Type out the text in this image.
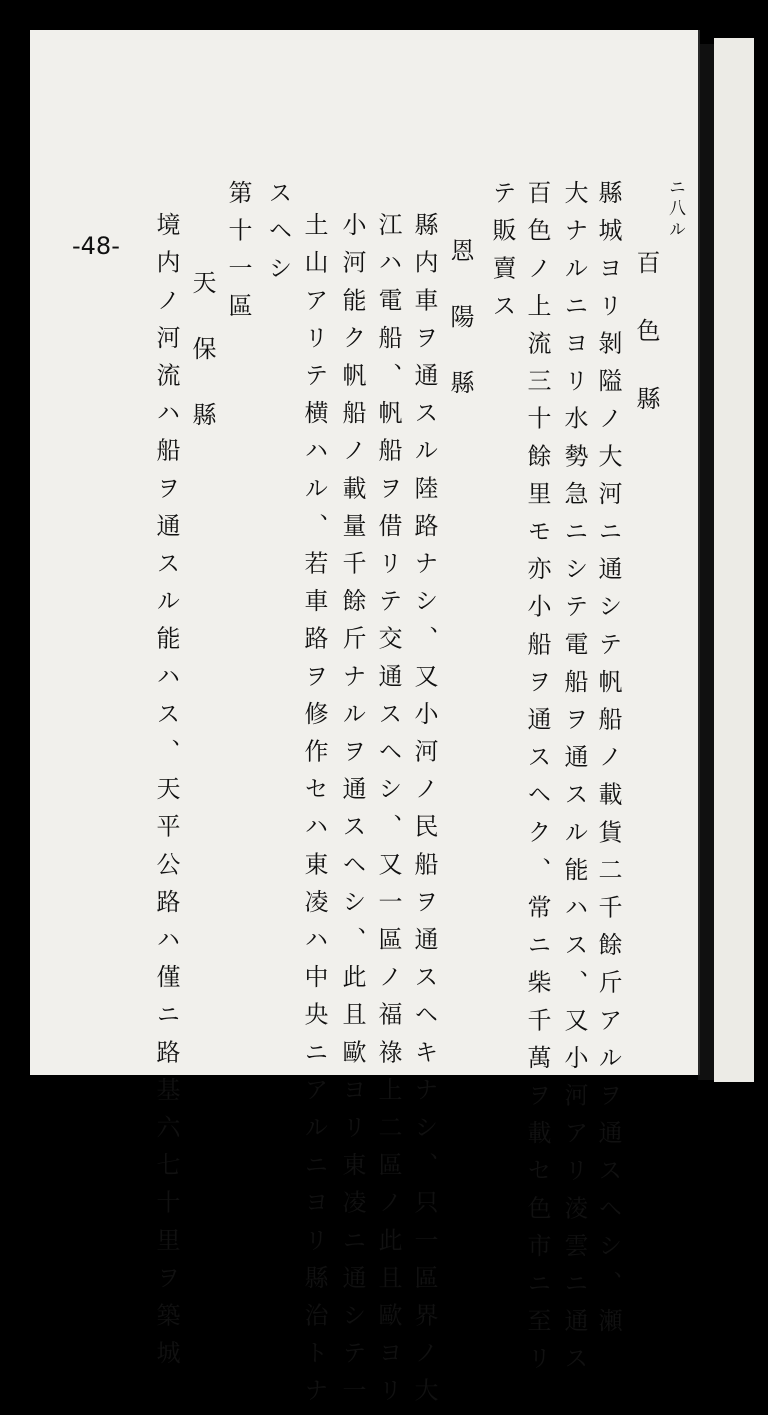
ニ八ル
百色縣
縣城ヨリ剝隘ノ大河ニ通シテ帆船ノ載貨二千餘斤アルヲ通スヘシ、瀬
大ナルニヨリ水勢急ニシテ電船ヲ通スル能ハス、又小河アリ淩雲ニ通ス
百色ノ上流三十餘里モ亦小船ヲ通スヘク、常ニ柴千萬ヲ載セ色市ニ至リ
テ販賣ス
恩陽縣
縣内車ヲ通スル陸路ナシ、又小河ノ民船ヲ通スヘキナシ、只一區界ノ大
江ハ電船、帆船ヲ借リテ交通スヘシ、又一區ノ福祿上二區ノ此且歐ヨリ
小河能ク帆船ノ載量千餘斤ナルヲ通スヘシ、此且歐ヨリ東凌ニ通シテ一
土山アリテ横ハル、若車路ヲ修作セハ東凌ハ中央ニアルニヨリ縣治トナ
スヘシ
第十一區
天保縣
境内ノ河流ハ船ヲ通スル能ハス、天平公路ハ僅ニ路基六七十里ヲ築城
-48-
